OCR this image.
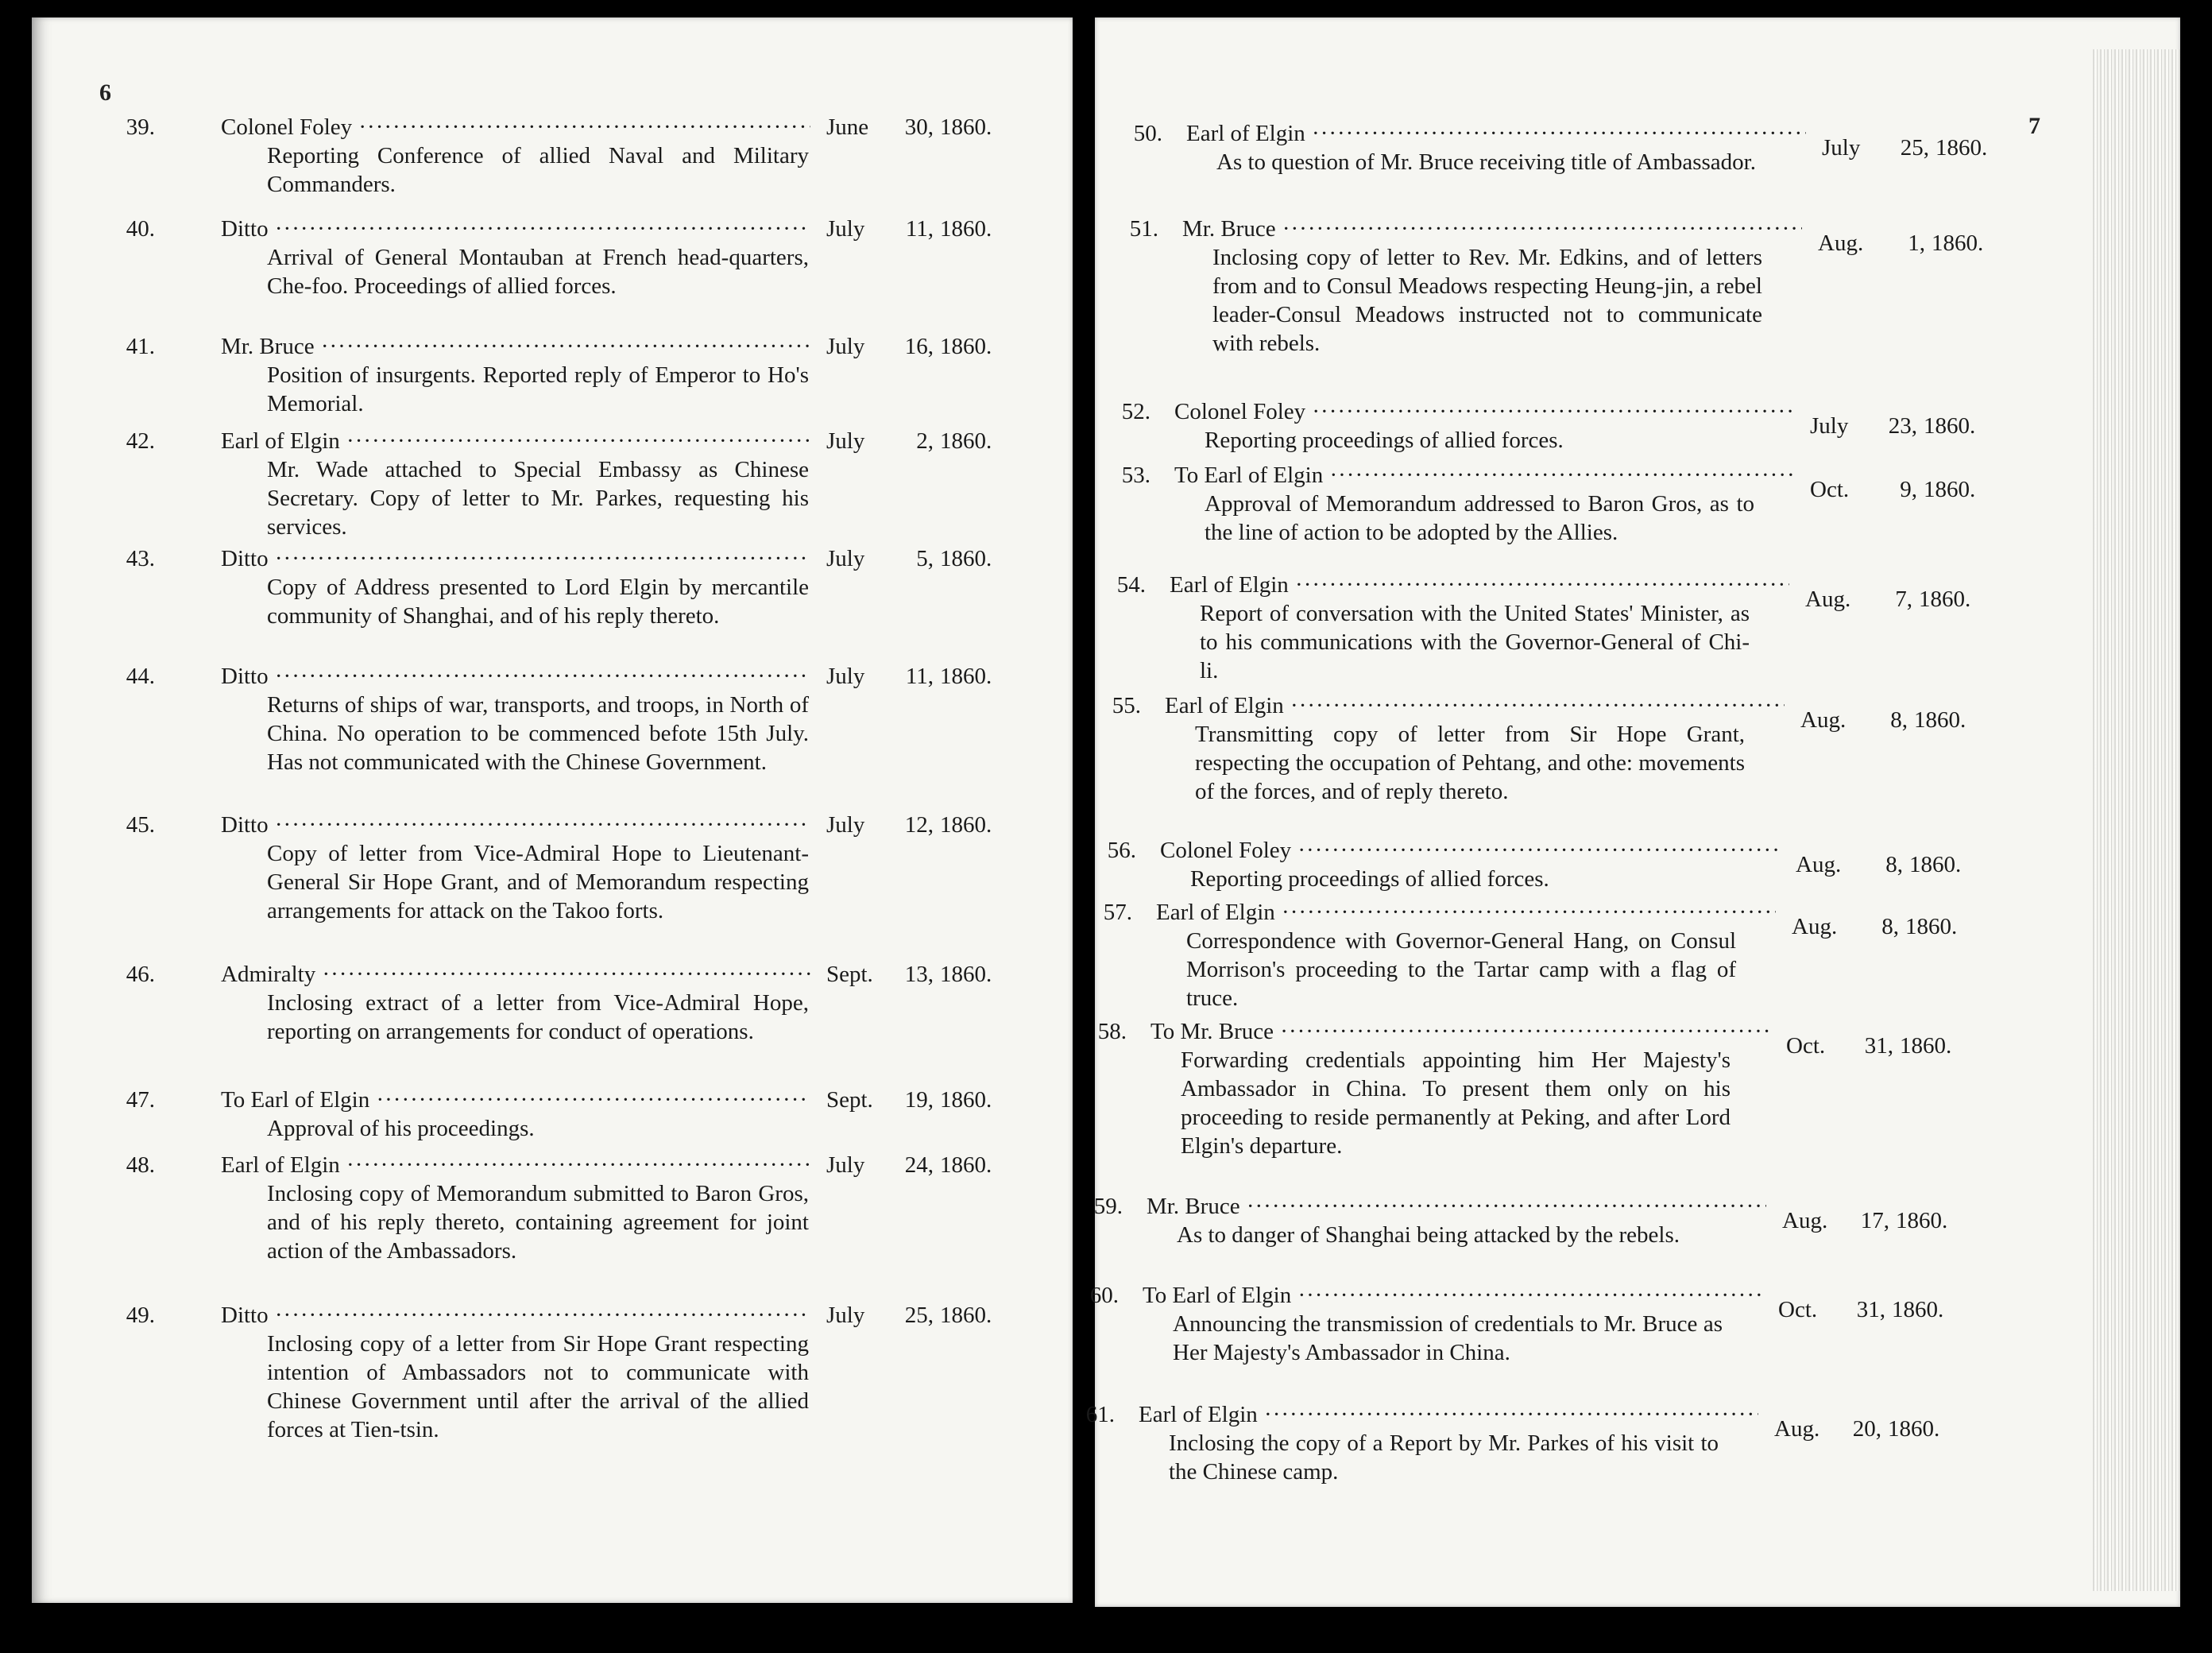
6
39.	Colonel Foley ·····
Reporting Conference of allied Naval and Military Commanders.
June	30, 1860.
40.	Ditto ·····
Arrival of General Montauban at French head-quarters, Che-foo. Proceedings of allied forces.
July	11, 1860.
41.	Mr. Bruce ·····
Position of insurgents. Reported reply of Emperor to Ho's Memorial.
July	16, 1860.
42.	Earl of Elgin ·····
Mr. Wade attached to Special Embassy as Chinese Secretary. Copy of letter to Mr. Parkes, requesting his services.
July	2, 1860.
43.	Ditto ·····
Copy of Address presented to Lord Elgin by mercantile community of Shanghai, and of his reply thereto.
July	5, 1860.
44.	Ditto ·····
Returns of ships of war, transports, and troops, in North of China. No operation to be commenced befote 15th July. Has not communicated with the Chinese Government.
July	11, 1860.
45.	Ditto ·····
Copy of letter from Vice-Admiral Hope to Lieutenant-General Sir Hope Grant, and of Memorandum respecting arrangements for attack on the Takoo forts.
July	12, 1860.
46.	Admiralty ·····
Inclosing extract of a letter from Vice-Admiral Hope, reporting on arrangements for conduct of operations.
Sept.	13, 1860.
47.	To Earl of Elgin ·····
Approval of his proceedings.
Sept.	19, 1860.
48.	Earl of Elgin ·····
Inclosing copy of Memorandum submitted to Baron Gros, and of his reply thereto, containing agreement for joint action of the Ambassadors.
July	24, 1860.
49.	Ditto ·····
Inclosing copy of a letter from Sir Hope Grant respecting intention of Ambassadors not to communicate with Chinese Government until after the arrival of the allied forces at Tien-tsin.
July	25, 1860.
7
50. Earl of Elgin ·····
As to question of Mr. Bruce receiving title of Ambassador.
July	25, 1860.
51. Mr. Bruce ·····
Inclosing copy of letter to Rev. Mr. Edkins, and of letters from and to Consul Meadows respecting Heung-jin, a rebel leader-Consul Meadows instructed not to communicate with rebels.
Aug.	1, 1860.
52. Colonel Foley ·····
Reporting proceedings of allied forces.
July	23, 1860.
53. To Earl of Elgin ·····
Approval of Memorandum addressed to Baron Gros, as to the line of action to be adopted by the Allies.
Oct.	9, 1860.
54. Earl of Elgin ·····
Report of conversation with the United States' Minister, as to his communications with the Governor-General of Chi-li.
Aug.	7, 1860.
55. Earl of Elgin ·····
Transmitting copy of letter from Sir Hope Grant, respecting the occupation of Pehtang, and othe: movements of the forces, and of reply thereto.
Aug.	8, 1860.
56. Colonel Foley ·····
Reporting proceedings of allied forces.
Aug.	8, 1860.
57. Earl of Elgin ·····
Correspondence with Governor-General Hang, on Consul Morrison's proceeding to the Tartar camp with a flag of truce.
Aug.	8, 1860.
58. To Mr. Bruce ·····
Forwarding credentials appointing him Her Majesty's Ambassador in China. To present them only on his proceeding to reside permanently at Peking, and after Lord Elgin's departure.
Oct.	31, 1860.
59. Mr. Bruce ·····
As to danger of Shanghai being attacked by the rebels.
Aug.	17, 1860.
60. To Earl of Elgin ·····
Announcing the transmission of credentials to Mr. Bruce as Her Majesty's Ambassador in China.
Oct.	31, 1860.
61. Earl of Elgin ·····
Inclosing the copy of a Report by Mr. Parkes of his visit to the Chinese camp.
Aug.	20, 1860.
